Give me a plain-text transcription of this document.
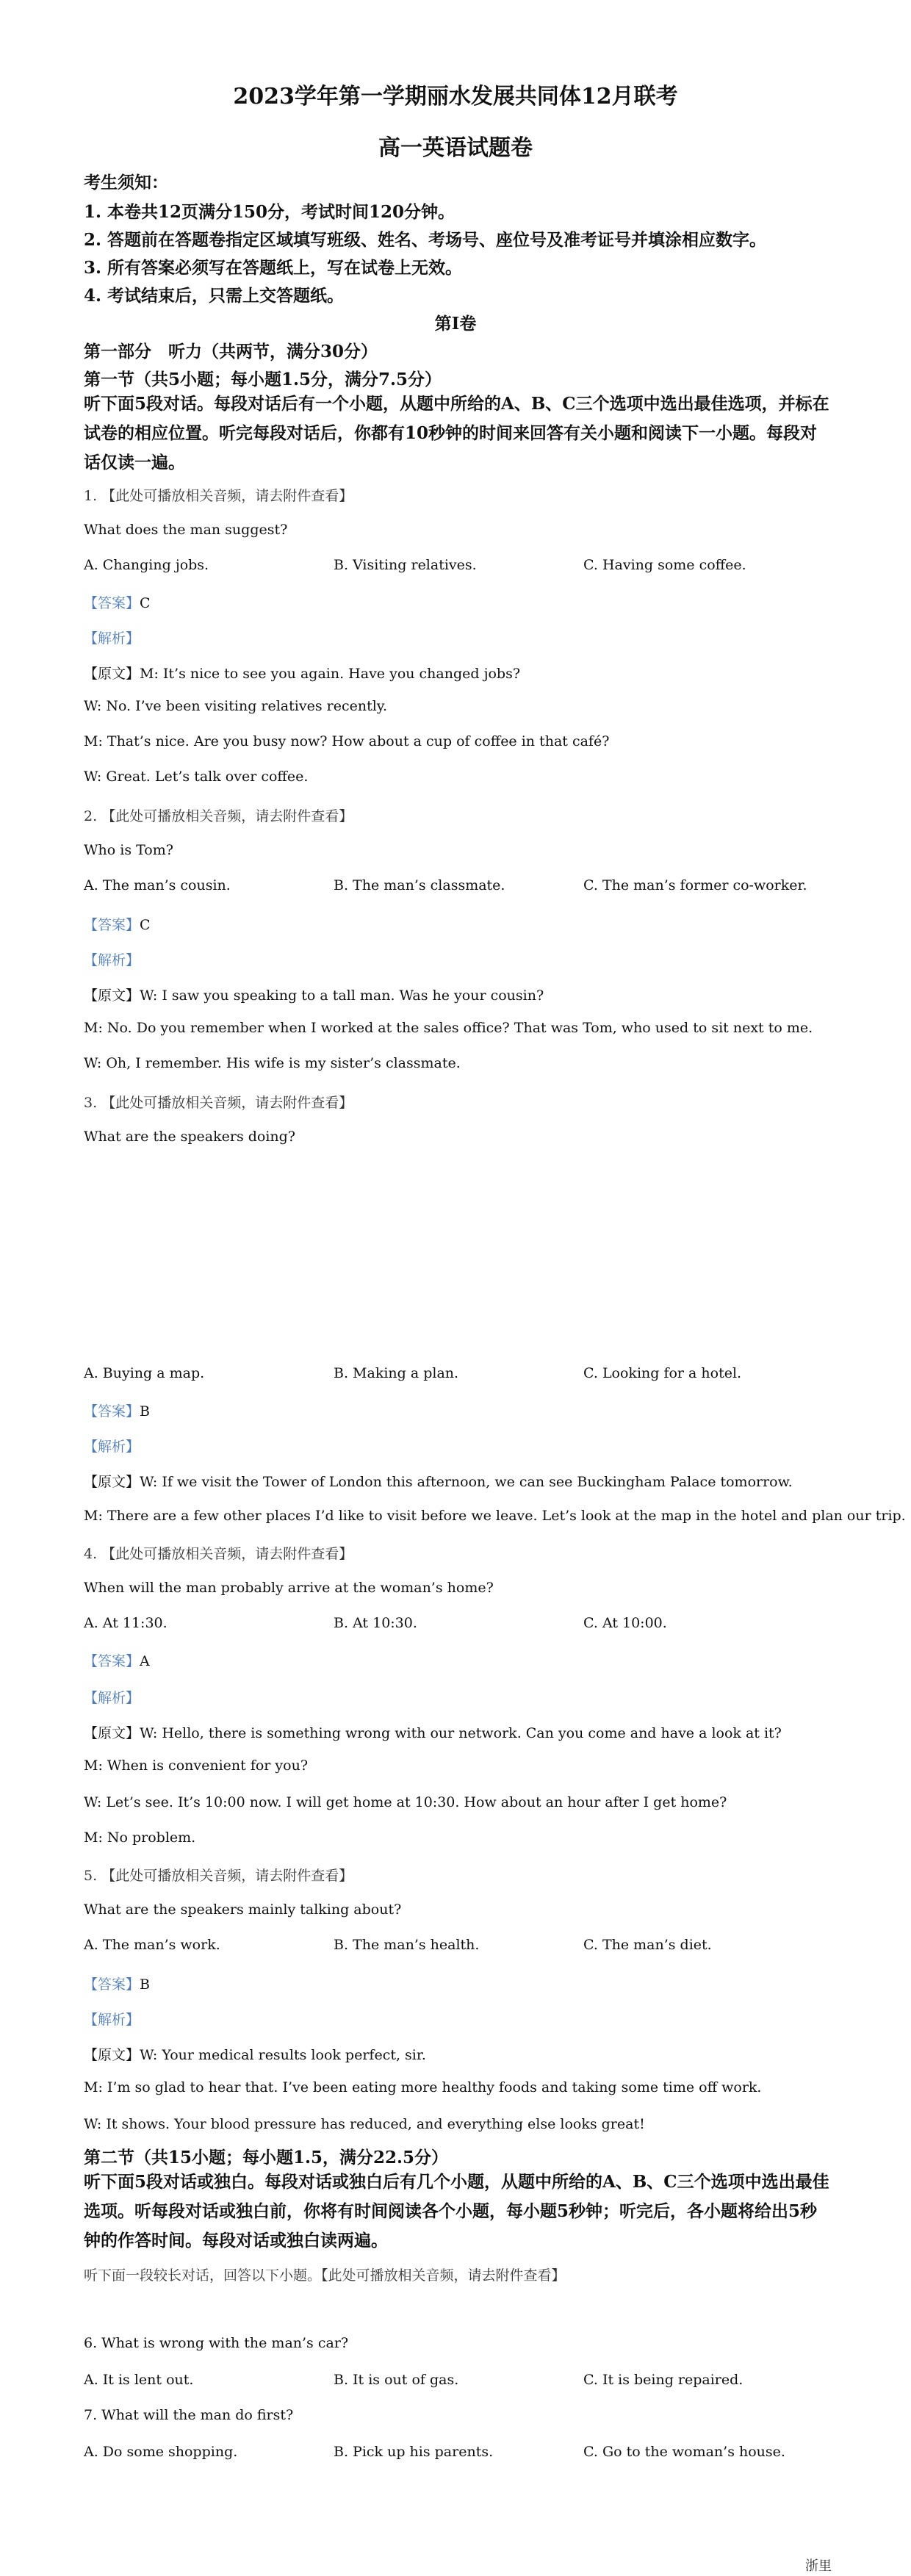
2023学年第一学期丽水发展共同体12月联考
高一英语试题卷
考生须知：
1. 本卷共12页满分150分，考试时间120分钟。
2. 答题前在答题卷指定区域填写班级、姓名、考场号、座位号及准考证号并填涂相应数字。
3. 所有答案必须写在答题纸上，写在试卷上无效。
4. 考试结束后，只需上交答题纸。
第I卷
第一部分　听力（共两节，满分30分）
第一节（共5小题；每小题1.5分，满分7.5分）
听下面5段对话。每段对话后有一个小题，从题中所给的A、B、C三个选项中选出最佳选项，并标在试卷的相应位置。听完每段对话后，你都有10秒钟的时间来回答有关小题和阅读下一小题。每段对话仅读一遍。
1. 【此处可播放相关音频，请去附件查看】
What does the man suggest?
A. Changing jobs.	B. Visiting relatives.	C. Having some coffee.
【答案】C
【解析】
【原文】M: It’s nice to see you again. Have you changed jobs?
W: No. I’ve been visiting relatives recently.
M: That’s nice. Are you busy now? How about a cup of coffee in that café?
W: Great. Let’s talk over coffee.
2. 【此处可播放相关音频，请去附件查看】
Who is Tom?
A. The man’s cousin.	B. The man’s classmate.	C. The man’s former co-worker.
【答案】C
【解析】
【原文】W: I saw you speaking to a tall man. Was he your cousin?
M: No. Do you remember when I worked at the sales office? That was Tom, who used to sit next to me.
W: Oh, I remember. His wife is my sister’s classmate.
3. 【此处可播放相关音频，请去附件查看】
What are the speakers doing?
A. Buying a map.	B. Making a plan.	C. Looking for a hotel.
【答案】B
【解析】
【原文】W: If we visit the Tower of London this afternoon, we can see Buckingham Palace tomorrow.
M: There are a few other places I’d like to visit before we leave. Let’s look at the map in the hotel and plan our trip.
4. 【此处可播放相关音频，请去附件查看】
When will the man probably arrive at the woman’s home?
A. At 11:30.	B. At 10:30.	C. At 10:00.
【答案】A
【解析】
【原文】W: Hello, there is something wrong with our network. Can you come and have a look at it?
M: When is convenient for you?
W: Let’s see. It’s 10:00 now. I will get home at 10:30. How about an hour after I get home?
M: No problem.
5. 【此处可播放相关音频，请去附件查看】
What are the speakers mainly talking about?
A. The man’s work.	B. The man’s health.	C. The man’s diet.
【答案】B
【解析】
【原文】W: Your medical results look perfect, sir.
M: I’m so glad to hear that. I’ve been eating more healthy foods and taking some time off work.
W: It shows. Your blood pressure has reduced, and everything else looks great!
第二节（共15小题；每小题1.5，满分22.5分）
听下面5段对话或独白。每段对话或独白后有几个小题，从题中所给的A、B、C三个选项中选出最佳选项。听每段对话或独白前，你将有时间阅读各个小题，每小题5秒钟；听完后，各小题将给出5秒钟的作答时间。每段对话或独白读两遍。
听下面一段较长对话，回答以下小题。【此处可播放相关音频，请去附件查看】
6. What is wrong with the man’s car?
A. It is lent out.	B. It is out of gas.	C. It is being repaired.
7. What will the man do first?
A. Do some shopping.	B. Pick up his parents.	C. Go to the woman’s house.
浙里
